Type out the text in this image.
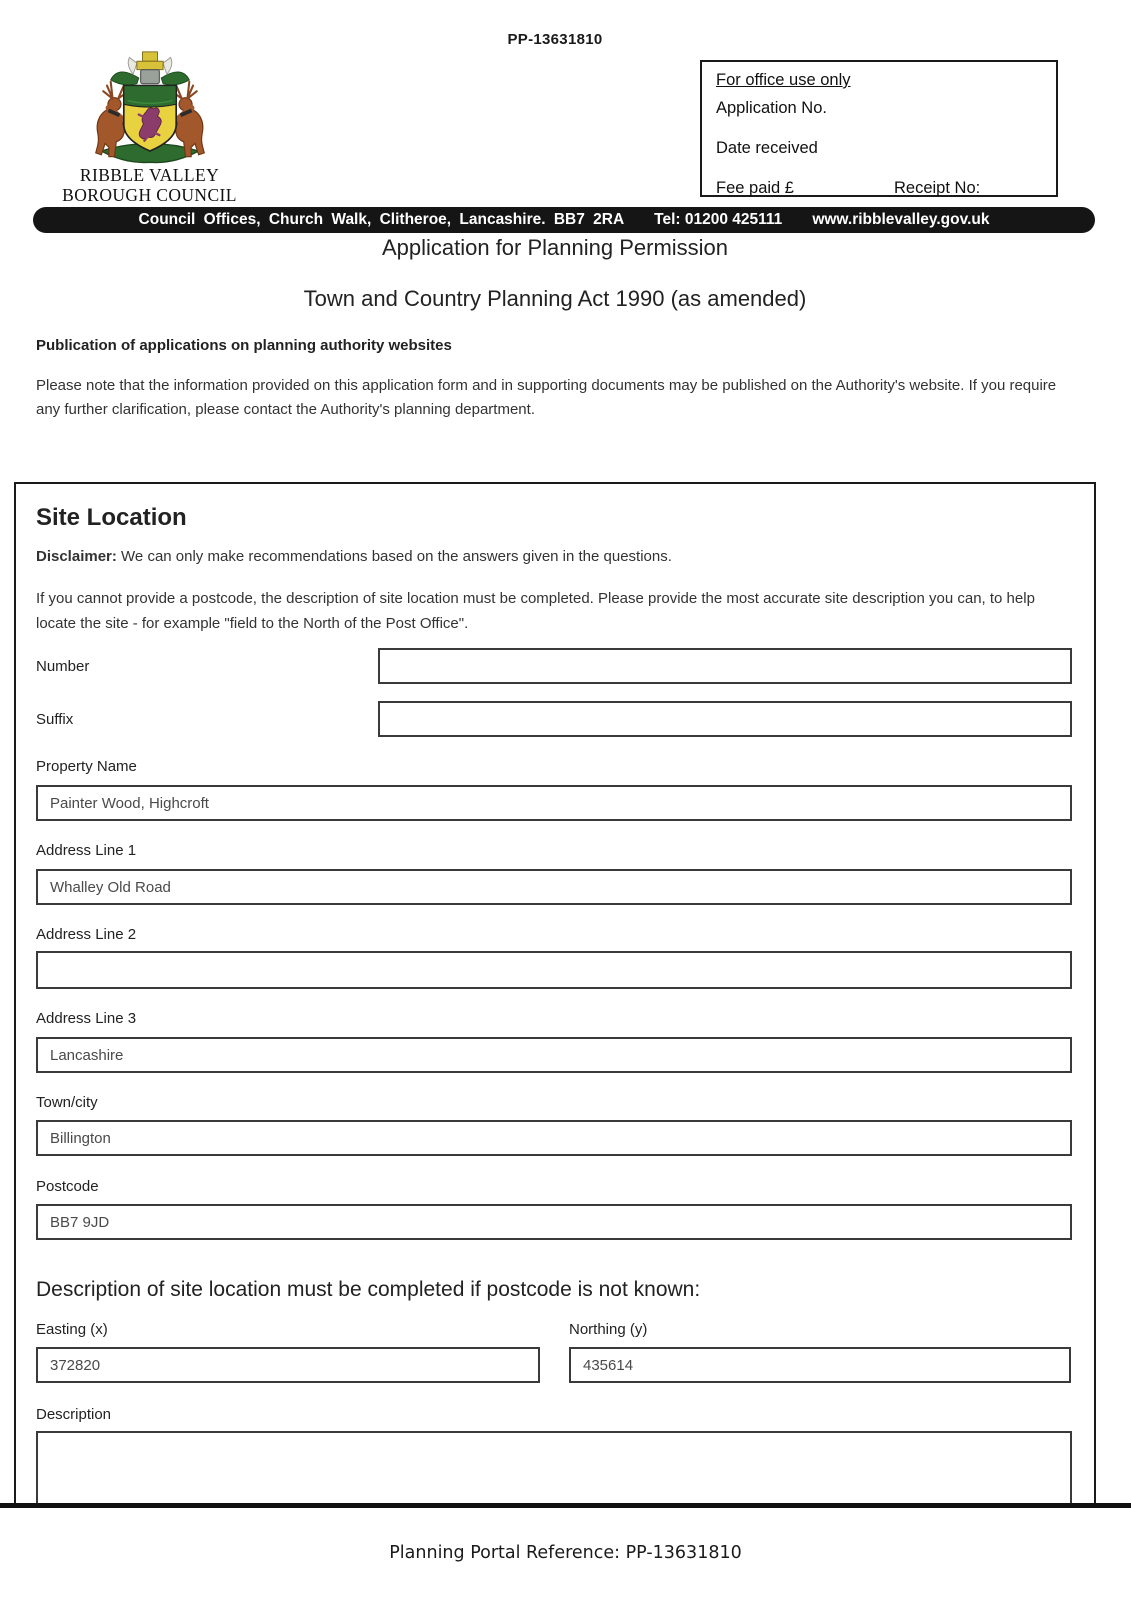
PP-13631810
RIBBLE VALLEY
BOROUGH COUNCIL
For office use only
Application No.
Date received
Fee paid £	Receipt No:
Council Offices, Church Walk, Clitheroe, Lancashire. BB7 2RA Tel: 01200 425111 www.ribblevalley.gov.uk
Application for Planning Permission
Town and Country Planning Act 1990 (as amended)
Publication of applications on planning authority websites
Please note that the information provided on this application form and in supporting documents may be published on the Authority's website. If you require any further clarification, please contact the Authority's planning department.
Site Location
Disclaimer: We can only make recommendations based on the answers given in the questions.
If you cannot provide a postcode, the description of site location must be completed. Please provide the most accurate site description you can, to help locate the site - for example "field to the North of the Post Office".
Number
Suffix
Property Name
Painter Wood, Highcroft
Address Line 1
Whalley Old Road
Address Line 2
Address Line 3
Lancashire
Town/city
Billington
Postcode
BB7 9JD
Description of site location must be completed if postcode is not known:
Easting (x)
372820	Northing (y)
435614
Description
Planning Portal Reference: PP-13631810
